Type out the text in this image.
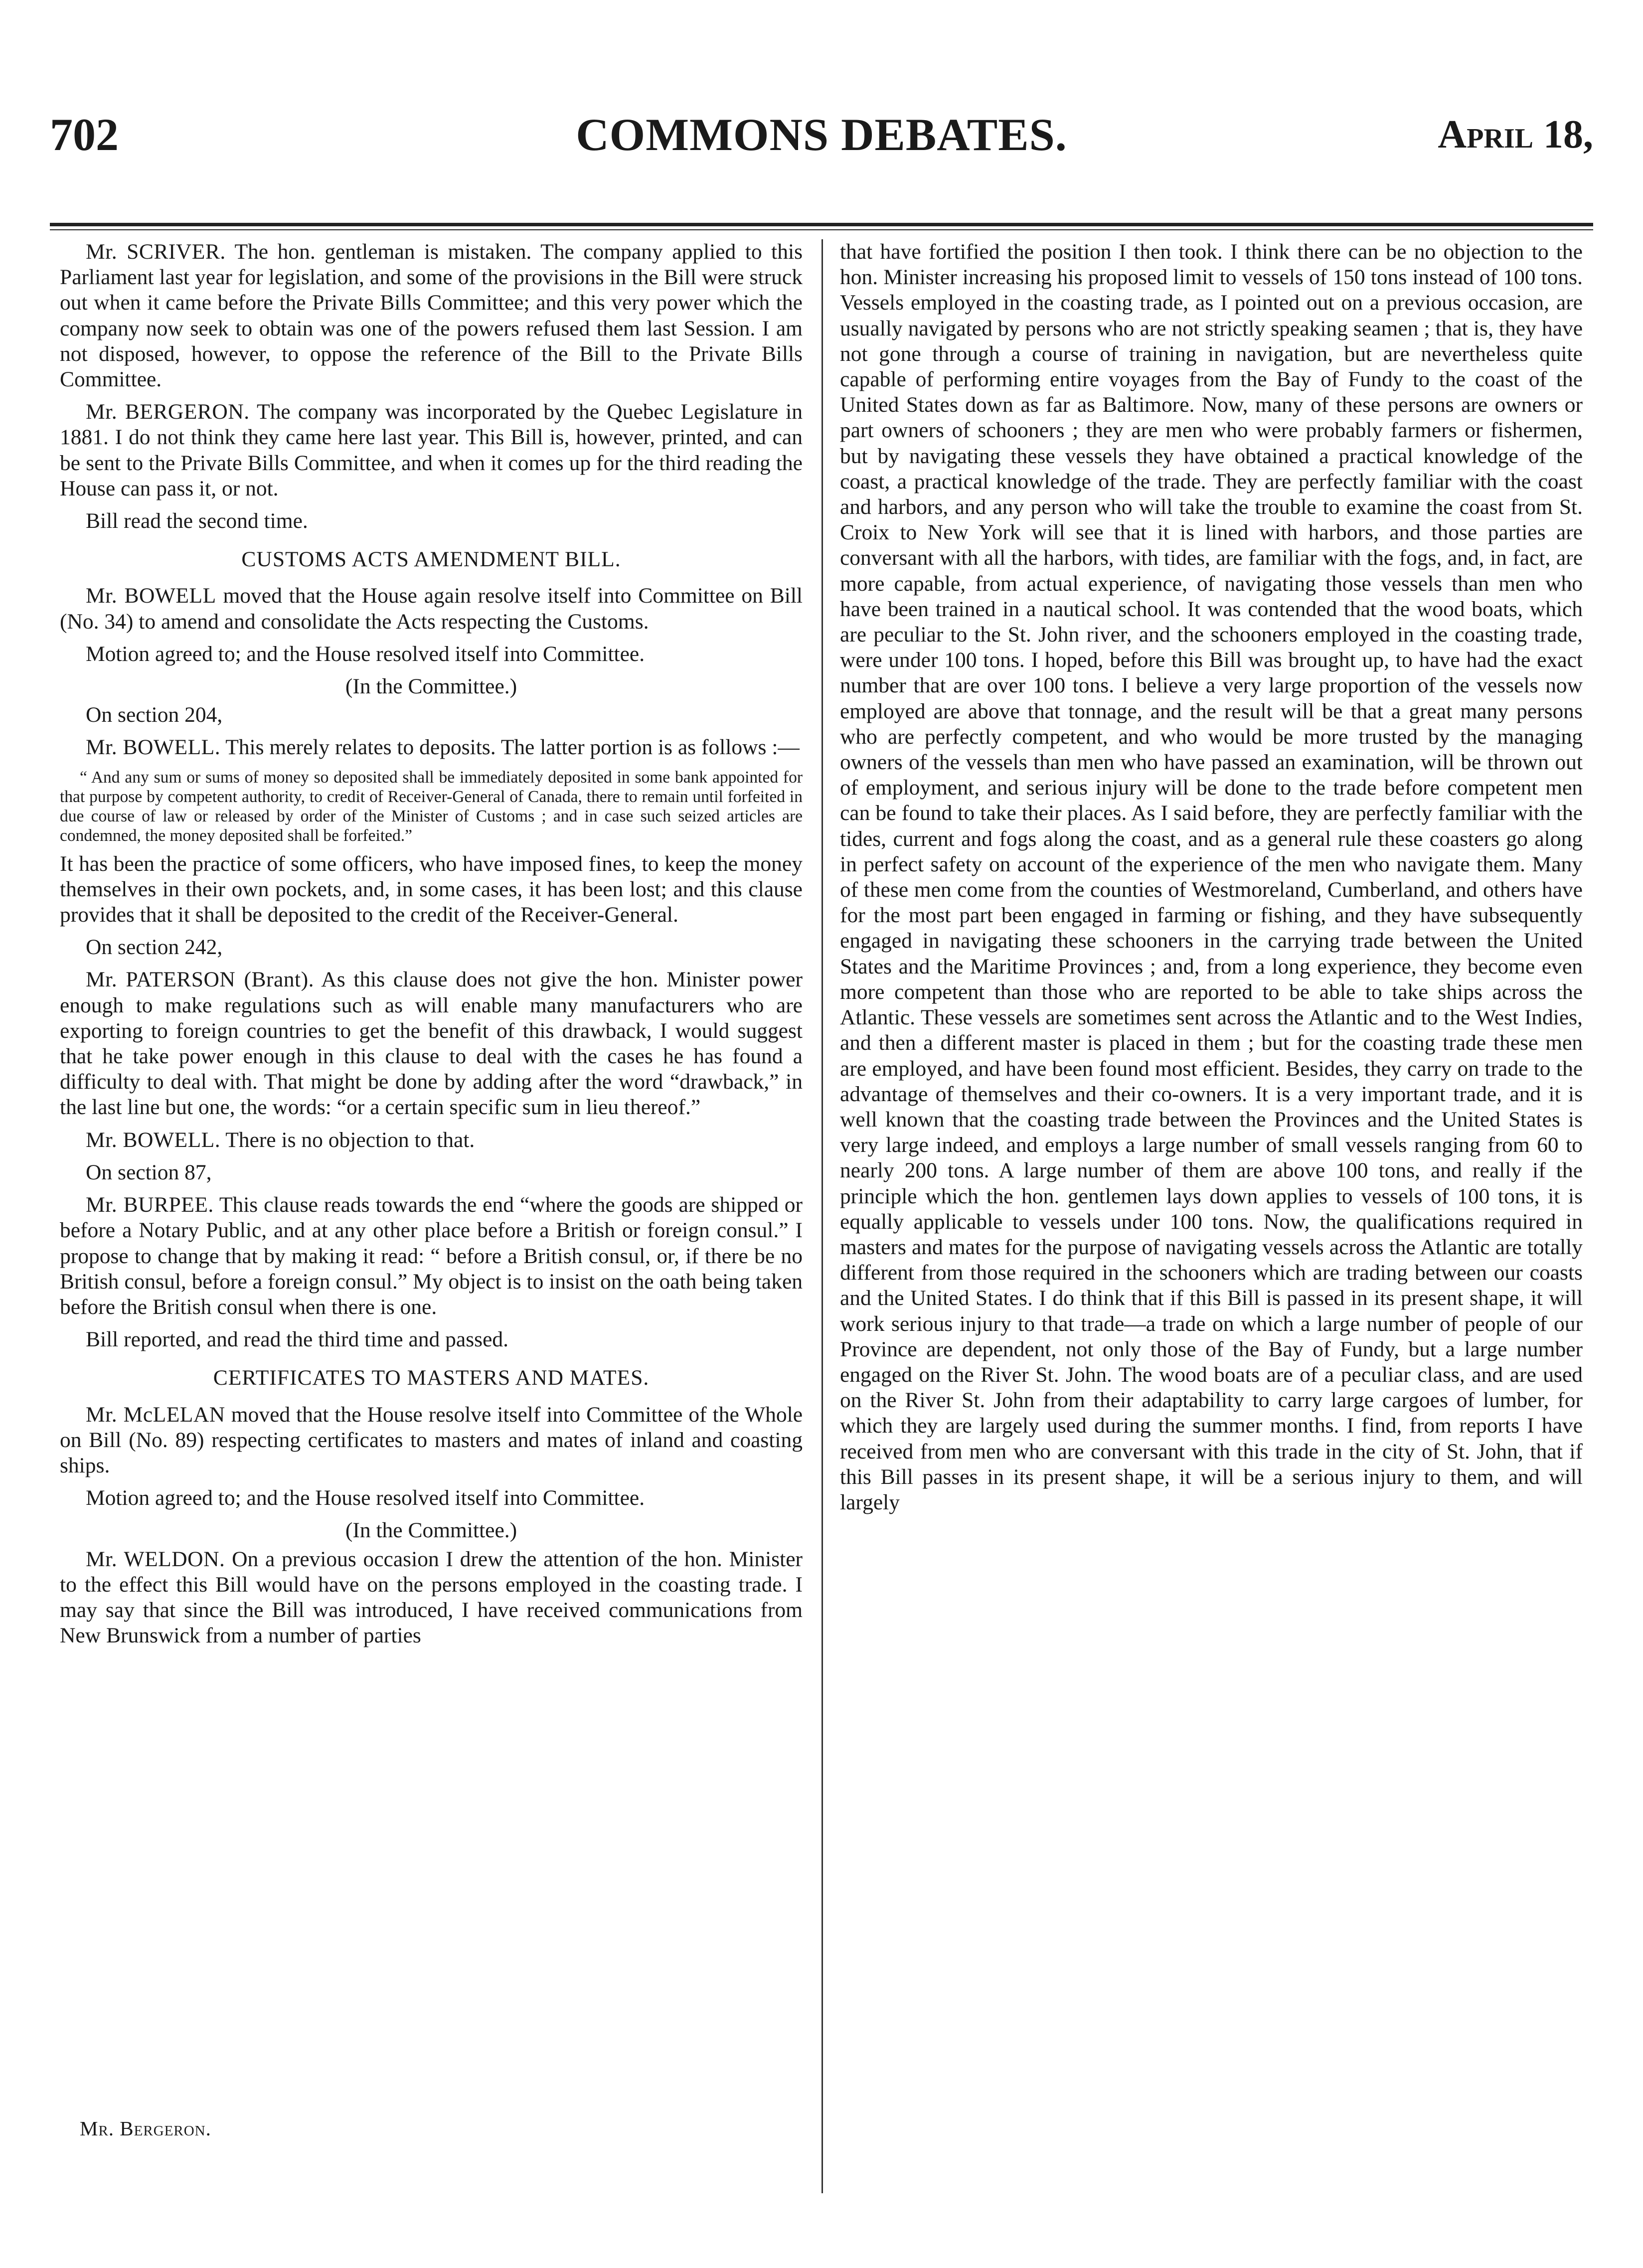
702	COMMONS DEBATES.	April 18,

Mr. SCRIVER. The hon. gentleman is mistaken. The company applied to this Parliament last year for legislation, and some of the provisions in the Bill were struck out when it came before the Private Bills Committee; and this very power which the company now seek to obtain was one of the powers refused them last Session. I am not disposed, however, to oppose the reference of the Bill to the Private Bills Committee.

Mr. BERGERON. The company was incorporated by the Quebec Legislature in 1881. I do not think they came here last year. This Bill is, however, printed, and can be sent to the Private Bills Committee, and when it comes up for the third reading the House can pass it, or not.

Bill read the second time.

CUSTOMS ACTS AMENDMENT BILL.

Mr. BOWELL moved that the House again resolve itself into Committee on Bill (No. 34) to amend and consolidate the Acts respecting the Customs.

Motion agreed to; and the House resolved itself into Committee.

(In the Committee.)

On section 204,

Mr. BOWELL. This merely relates to deposits. The latter portion is as follows :—

“ And any sum or sums of money so deposited shall be immediately deposited in some bank appointed for that purpose by competent authority, to credit of Receiver-General of Canada, there to remain until forfeited in due course of law or released by order of the Minister of Customs ; and in case such seized articles are condemned, the money deposited shall be forfeited.”

It has been the practice of some officers, who have imposed fines, to keep the money themselves in their own pockets, and, in some cases, it has been lost; and this clause provides that it shall be deposited to the credit of the Receiver-General.

On section 242,

Mr. PATERSON (Brant). As this clause does not give the hon. Minister power enough to make regulations such as will enable many manufacturers who are exporting to foreign countries to get the benefit of this drawback, I would suggest that he take power enough in this clause to deal with the cases he has found a difficulty to deal with. That might be done by adding after the word “drawback,” in the last line but one, the words: “or a certain specific sum in lieu thereof.”

Mr. BOWELL. There is no objection to that.

On section 87,

Mr. BURPEE. This clause reads towards the end “where the goods are shipped or before a Notary Public, and at any other place before a British or foreign consul.” I propose to change that by making it read: “ before a British consul, or, if there be no British consul, before a foreign consul.” My object is to insist on the oath being taken before the British consul when there is one.

Bill reported, and read the third time and passed.

CERTIFICATES TO MASTERS AND MATES.

Mr. McLELAN moved that the House resolve itself into Committee of the Whole on Bill (No. 89) respecting certificates to masters and mates of inland and coasting ships.

Motion agreed to; and the House resolved itself into Committee.

(In the Committee.)

Mr. WELDON. On a previous occasion I drew the attention of the hon. Minister to the effect this Bill would have on the persons employed in the coasting trade. I may say that since the Bill was introduced, I have received communications from New Brunswick from a number of parties

that have fortified the position I then took. I think there can be no objection to the hon. Minister increasing his proposed limit to vessels of 150 tons instead of 100 tons. Vessels employed in the coasting trade, as I pointed out on a previous occasion, are usually navigated by persons who are not strictly speaking seamen ; that is, they have not gone through a course of training in navigation, but are nevertheless quite capable of performing entire voyages from the Bay of Fundy to the coast of the United States down as far as Baltimore. Now, many of these persons are owners or part owners of schooners ; they are men who were probably farmers or fishermen, but by navigating these vessels they have obtained a practical knowledge of the coast, a practical knowledge of the trade. They are perfectly familiar with the coast and harbors, and any person who will take the trouble to examine the coast from St. Croix to New York will see that it is lined with harbors, and those parties are conversant with all the harbors, with tides, are familiar with the fogs, and, in fact, are more capable, from actual experience, of navigating those vessels than men who have been trained in a nautical school. It was contended that the wood boats, which are peculiar to the St. John river, and the schooners employed in the coasting trade, were under 100 tons. I hoped, before this Bill was brought up, to have had the exact number that are over 100 tons. I believe a very large proportion of the vessels now employed are above that tonnage, and the result will be that a great many persons who are perfectly competent, and who would be more trusted by the managing owners of the vessels than men who have passed an examination, will be thrown out of employment, and serious injury will be done to the trade before competent men can be found to take their places. As I said before, they are perfectly familiar with the tides, current and fogs along the coast, and as a general rule these coasters go along in perfect safety on account of the experience of the men who navigate them. Many of these men come from the counties of Westmoreland, Cumberland, and others have for the most part been engaged in farming or fishing, and they have subsequently engaged in navigating these schooners in the carrying trade between the United States and the Maritime Provinces ; and, from a long experience, they become even more competent than those who are reported to be able to take ships across the Atlantic. These vessels are sometimes sent across the Atlantic and to the West Indies, and then a different master is placed in them ; but for the coasting trade these men are employed, and have been found most efficient. Besides, they carry on trade to the advantage of themselves and their co-owners. It is a very important trade, and it is well known that the coasting trade between the Provinces and the United States is very large indeed, and employs a large number of small vessels ranging from 60 to nearly 200 tons. A large number of them are above 100 tons, and really if the principle which the hon. gentlemen lays down applies to vessels of 100 tons, it is equally applicable to vessels under 100 tons. Now, the qualifications required in masters and mates for the purpose of navigating vessels across the Atlantic are totally different from those required in the schooners which are trading between our coasts and the United States. I do think that if this Bill is passed in its present shape, it will work serious injury to that trade—a trade on which a large number of people of our Province are dependent, not only those of the Bay of Fundy, but a large number engaged on the River St. John. The wood boats are of a peculiar class, and are used on the River St. John from their adaptability to carry large cargoes of lumber, for which they are largely used during the summer months. I find, from reports I have received from men who are conversant with this trade in the city of St. John, that if this Bill passes in its present shape, it will be a serious injury to them, and will largely

Mr. Bergeron.
